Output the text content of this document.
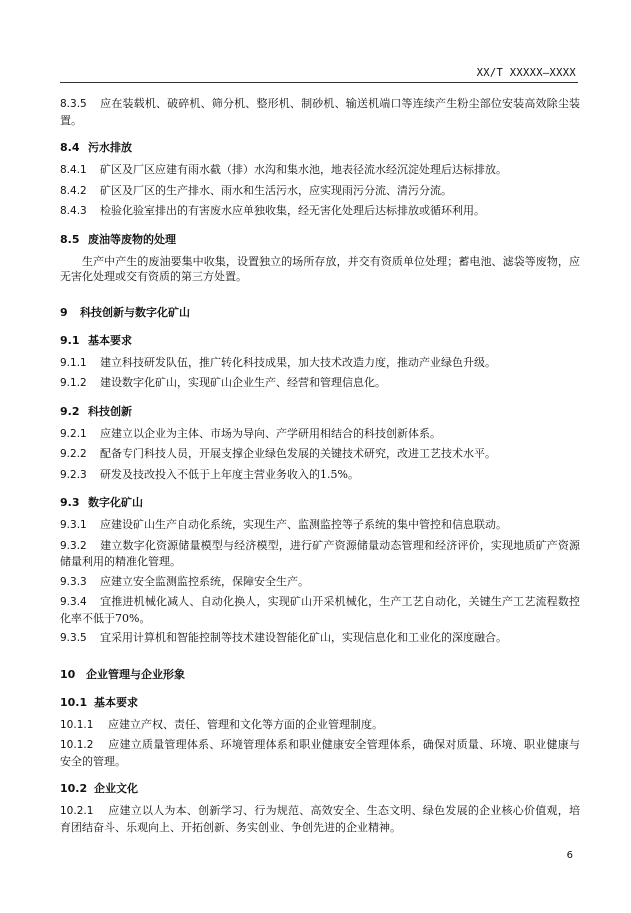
XX/T XXXXX—XXXX
8.3.5 应在装载机、破碎机、筛分机、整形机、制砂机、输送机端口等连续产生粉尘部位安装高效除尘装置。
8.4 污水排放
8.4.1 矿区及厂区应建有雨水截（排）水沟和集水池，地表径流水经沉淀处理后达标排放。
8.4.2 矿区及厂区的生产排水、雨水和生活污水，应实现雨污分流、清污分流。
8.4.3 检验化验室排出的有害废水应单独收集，经无害化处理后达标排放或循环利用。
8.5 废油等废物的处理
生产中产生的废油要集中收集，设置独立的场所存放，并交有资质单位处理；蓄电池、滤袋等废物，应无害化处理或交有资质的第三方处置。
9 科技创新与数字化矿山
9.1 基本要求
9.1.1 建立科技研发队伍，推广转化科技成果，加大技术改造力度，推动产业绿色升级。
9.1.2 建设数字化矿山，实现矿山企业生产、经营和管理信息化。
9.2 科技创新
9.2.1 应建立以企业为主体、市场为导向、产学研用相结合的科技创新体系。
9.2.2 配备专门科技人员，开展支撑企业绿色发展的关键技术研究，改进工艺技术水平。
9.2.3 研发及技改投入不低于上年度主营业务收入的1.5%。
9.3 数字化矿山
9.3.1 应建设矿山生产自动化系统，实现生产、监测监控等子系统的集中管控和信息联动。
9.3.2 建立数字化资源储量模型与经济模型，进行矿产资源储量动态管理和经济评价，实现地质矿产资源储量利用的精准化管理。
9.3.3 应建立安全监测监控系统，保障安全生产。
9.3.4 宜推进机械化减人、自动化换人，实现矿山开采机械化，生产工艺自动化，关键生产工艺流程数控化率不低于70%。
9.3.5 宜采用计算机和智能控制等技术建设智能化矿山，实现信息化和工业化的深度融合。
10 企业管理与企业形象
10.1 基本要求
10.1.1 应建立产权、责任、管理和文化等方面的企业管理制度。
10.1.2 应建立质量管理体系、环境管理体系和职业健康安全管理体系，确保对质量、环境、职业健康与安全的管理。
10.2 企业文化
10.2.1 应建立以人为本、创新学习、行为规范、高效安全、生态文明、绿色发展的企业核心价值观，培育团结奋斗、乐观向上、开拓创新、务实创业、争创先进的企业精神。
6
